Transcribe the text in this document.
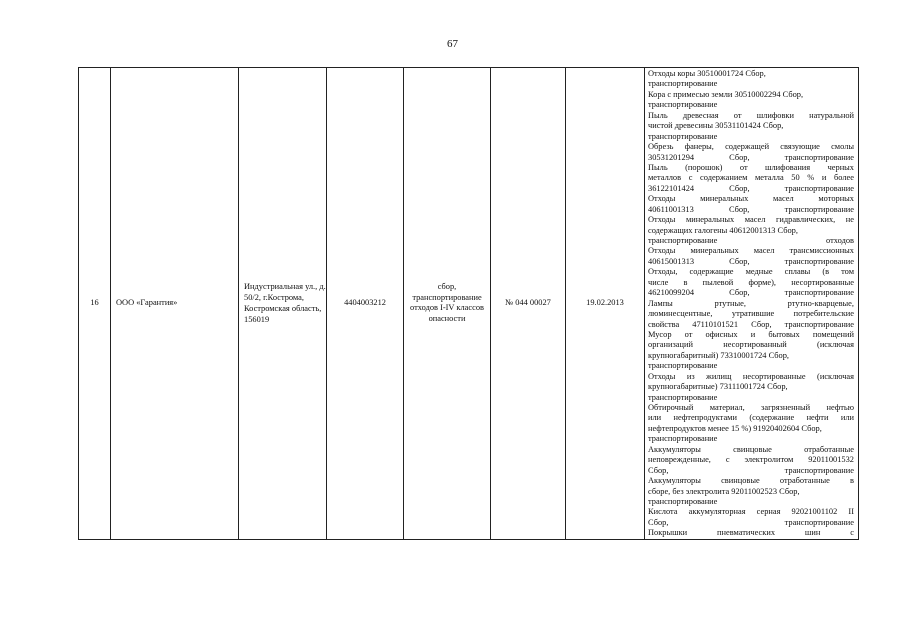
67
16	ООО «Гарантия»	Индустриальная ул., д. 50/2, г.Кострома, Костромская область, 156019	4404003212	сбор, транспортирование отходов I-IV классов опасности	№ 044 00027	19.02.2013	
Отходы коры 30510001724 Сбор,
транспортирование
Кора с примесью земли 30510002294 Сбор,
транспортирование
Пыль древесная от шлифовки натуральной
чистой древесины 30531101424 Сбор,
транспортирование
Обрезь фанеры, содержащей связующие смолы
30531201294 Сбор, транспортирование
Пыль (порошок) от шлифования черных
металлов с содержанием металла 50 % и более
36122101424 Сбор, транспортирование
Отходы минеральных масел моторных
40611001313 Сбор, транспортирование
Отходы минеральных масел гидравлических, не
содержащих галогены 40612001313 Сбор,
транспортирование отходов
Отходы минеральных масел трансмиссионных
40615001313 Сбор, транспортирование
Отходы, содержащие медные сплавы (в том
числе в пылевой форме), несортированные
46210099204 Сбор, транспортирование
Лампы ртутные, ртутно-кварцевые,
люминесцентные, утратившие потребительские
свойства 47110101521 Сбор, транспортирование
Мусор от офисных и бытовых помещений
организаций несортированный (исключая
крупногабаритный) 73310001724 Сбор,
транспортирование
Отходы из жилищ несортированные (исключая
крупногабаритные) 73111001724 Сбор,
транспортирование
Обтирочный материал, загрязненный нефтью
или нефтепродуктами (содержание нефти или
нефтепродуктов менее 15 %) 91920402604 Сбор,
транспортирование
Аккумуляторы свинцовые отработанные
неповрежденные, с электролитом 92011001532
Сбор, транспортирование
Аккумуляторы свинцовые отработанные в
сборе, без электролита 92011002523 Сбор,
транспортирование
Кислота аккумуляторная серная 92021001102 II
Сбор, транспортирование
Покрышки пневматических шин с
